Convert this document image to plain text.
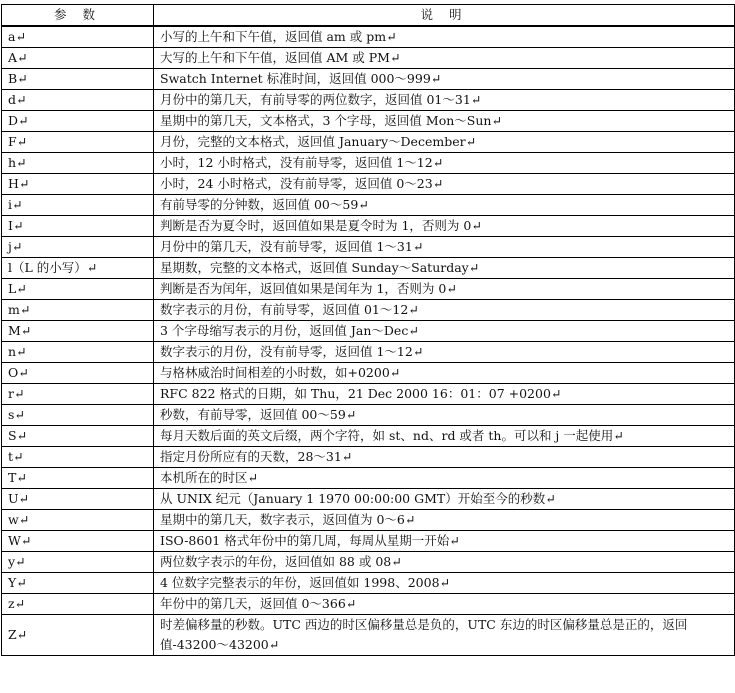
参 数	说 明
a↵	小写的上午和下午值，返回值 am 或 pm↵
A↵	大写的上午和下午值，返回值 AM 或 PM↵
B↵	Swatch Internet 标准时间，返回值 000～999↵
d↵	月份中的第几天，有前导零的两位数字，返回值 01～31↵
D↵	星期中的第几天，文本格式，3 个字母，返回值 Mon～Sun↵
F↵	月份，完整的文本格式，返回值 January～December↵
h↵	小时，12 小时格式，没有前导零，返回值 1～12↵
H↵	小时，24 小时格式，没有前导零，返回值 0～23↵
i↵	有前导零的分钟数，返回值 00～59↵
I↵	判断是否为夏令时，返回值如果是夏令时为 1，否则为 0↵
j↵	月份中的第几天，没有前导零，返回值 1～31↵
l（L 的小写）↵	星期数，完整的文本格式，返回值 Sunday～Saturday↵
L↵	判断是否为闰年，返回值如果是闰年为 1，否则为 0↵
m↵	数字表示的月份，有前导零，返回值 01～12↵
M↵	3 个字母缩写表示的月份，返回值 Jan～Dec↵
n↵	数字表示的月份，没有前导零，返回值 1～12↵
O↵	与格林威治时间相差的小时数，如+0200↵
r↵	RFC 822 格式的日期，如 Thu，21 Dec 2000 16：01：07 +0200↵
s↵	秒数，有前导零，返回值 00～59↵
S↵	每月天数后面的英文后缀，两个字符，如 st、nd、rd 或者 th。可以和 j 一起使用↵
t↵	指定月份所应有的天数，28～31↵
T↵	本机所在的时区↵
U↵	从 UNIX 纪元（January 1 1970 00:00:00 GMT）开始至今的秒数↵
w↵	星期中的第几天，数字表示，返回值为 0～6↵
W↵	ISO-8601 格式年份中的第几周，每周从星期一开始↵
y↵	两位数字表示的年份，返回值如 88 或 08↵
Y↵	4 位数字完整表示的年份，返回值如 1998、2008↵
z↵	年份中的第几天，返回值 0～366↵
Z↵	时差偏移量的秒数。UTC 西边的时区偏移量总是负的，UTC 东边的时区偏移量总是正的，返回值-43200～43200↵
